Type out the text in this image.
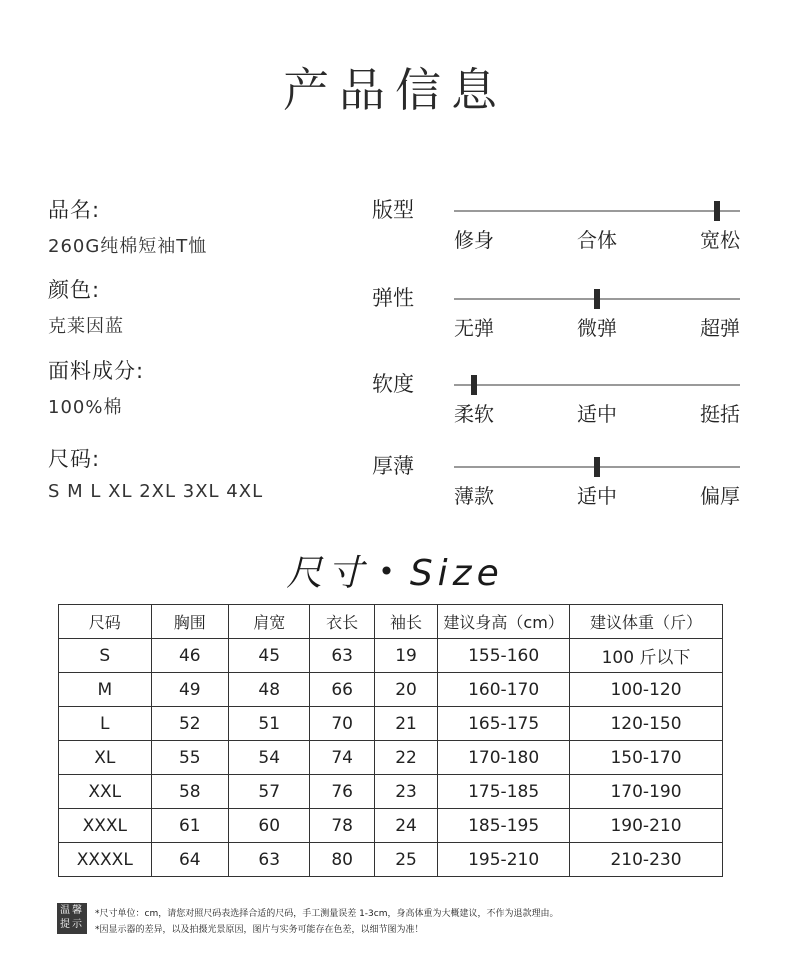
产品信息
品名:
260G纯棉短袖T恤
颜色:
克莱因蓝
面料成分:
100%棉
尺码:
S M L XL 2XL 3XL 4XL
版型
修身	合体	宽松
弹性
无弹	微弹	超弹
软度
柔软	适中	挺括
厚薄
薄款	适中	偏厚
尺寸 • Size
尺码	胸围	肩宽	衣长	袖长	建议身高（cm）	建议体重（斤）
S	46	45	63	19	155-160	100 斤以下
M	49	48	66	20	160-170	100-120
L	52	51	70	21	165-175	120-150
XL	55	54	74	22	170-180	150-170
XXL	58	57	76	23	175-185	170-190
XXXL	61	60	78	24	185-195	190-210
XXXXL	64	63	80	25	195-210	210-230
温馨
提示
*尺寸单位：cm，请您对照尺码表选择合适的尺码，手工测量误差 1-3cm，身高体重为大概建议，不作为退款理由。
*因显示器的差异，以及拍摄光景原因，图片与实务可能存在色差，以细节图为准！
